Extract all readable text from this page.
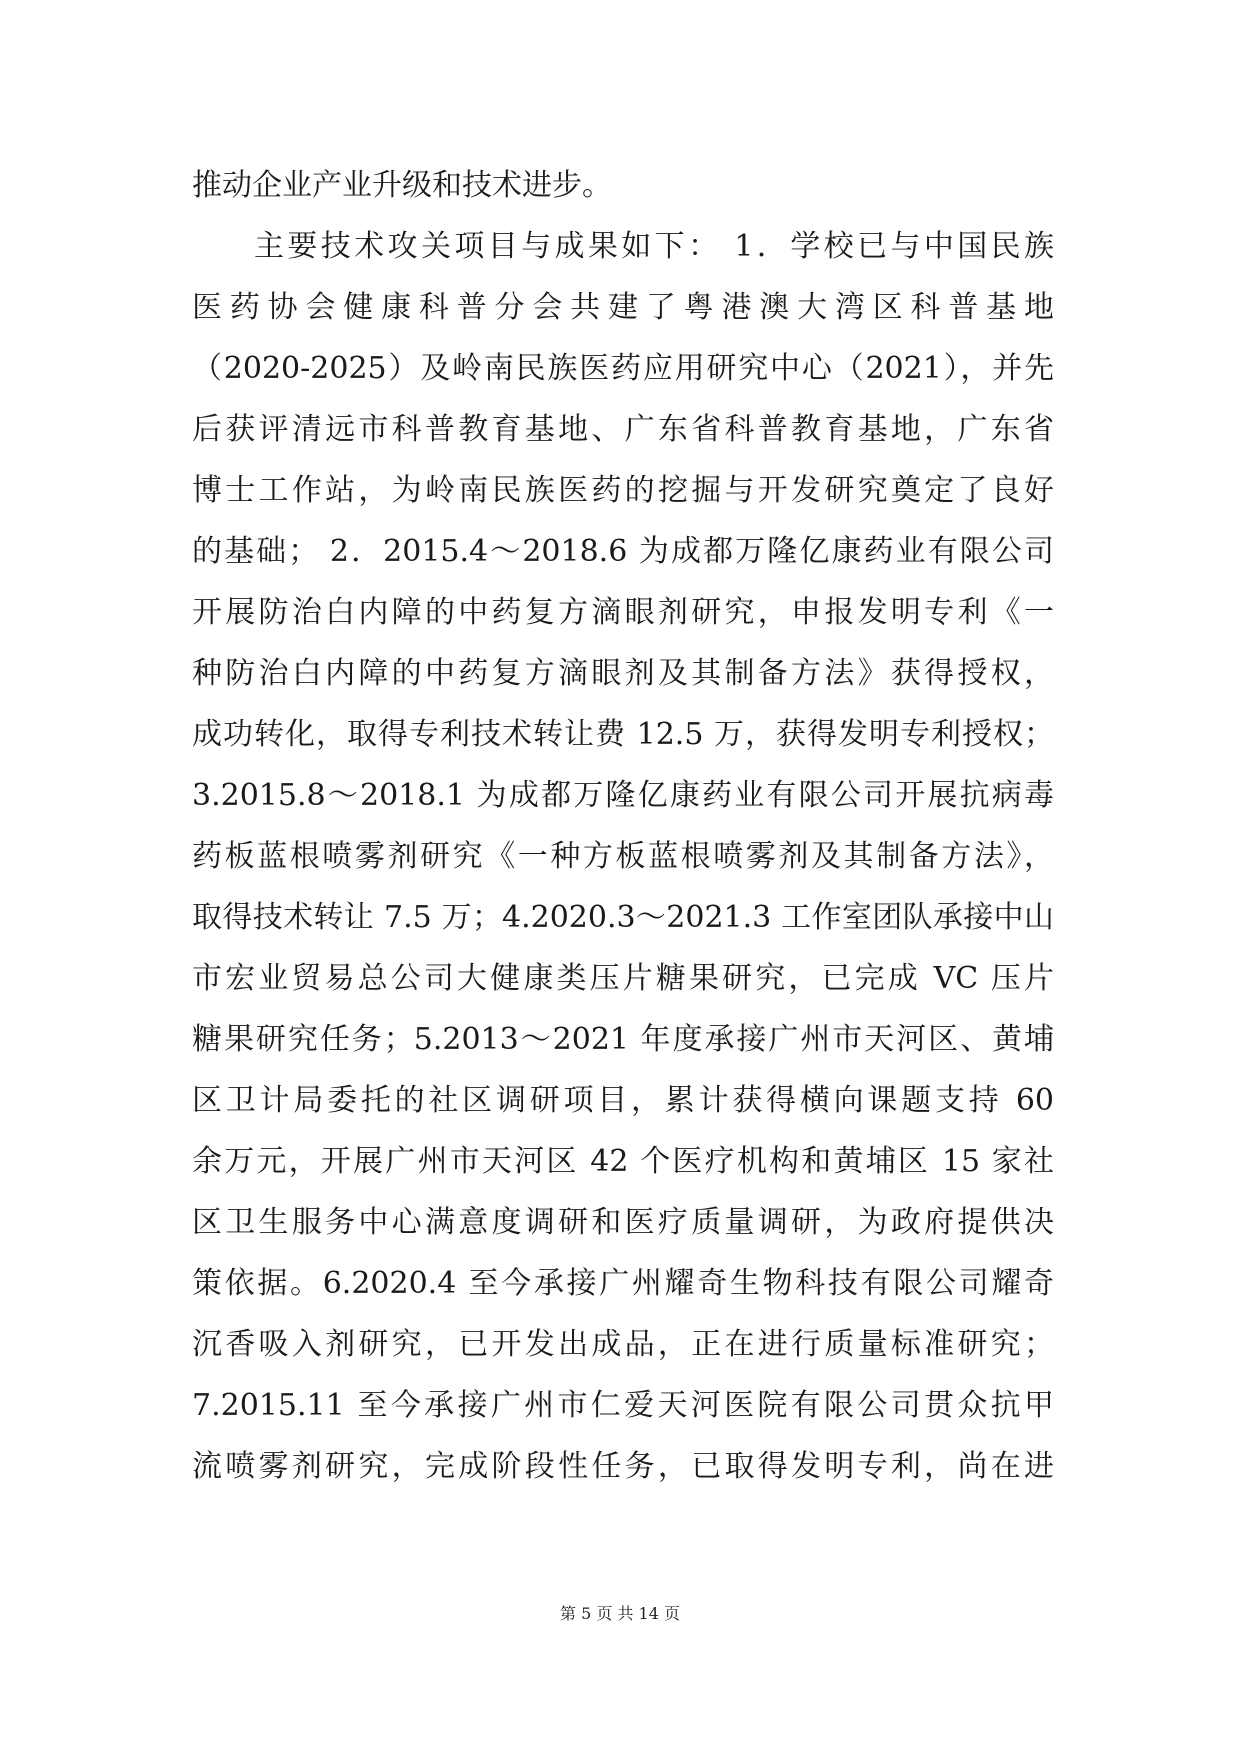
推动企业产业升级和技术进步。
主要技术攻关项目与成果如下： 1．学校已与中国民族
医药协会健康科普分会共建了粤港澳大湾区科普基地
（2020-2025）及岭南民族医药应用研究中心（2021），并先
后获评清远市科普教育基地、广东省科普教育基地，广东省
博士工作站，为岭南民族医药的挖掘与开发研究奠定了良好
的基础； 2．2015.4～2018.6 为成都万隆亿康药业有限公司
开展防治白内障的中药复方滴眼剂研究，申报发明专利《一
种防治白内障的中药复方滴眼剂及其制备方法》获得授权，
成功转化，取得专利技术转让费 12.5 万，获得发明专利授权；
3.2015.8～2018.1 为成都万隆亿康药业有限公司开展抗病毒
药板蓝根喷雾剂研究《一种方板蓝根喷雾剂及其制备方法》，
取得技术转让 7.5 万；4.2020.3～2021.3 工作室团队承接中山
市宏业贸易总公司大健康类压片糖果研究，已完成 VC 压片
糖果研究任务；5.2013～2021 年度承接广州市天河区、黄埔
区卫计局委托的社区调研项目，累计获得横向课题支持 60
余万元，开展广州市天河区 42 个医疗机构和黄埔区 15 家社
区卫生服务中心满意度调研和医疗质量调研，为政府提供决
策依据。6.2020.4 至今承接广州耀奇生物科技有限公司耀奇
沉香吸入剂研究，已开发出成品，正在进行质量标准研究；
7.2015.11 至今承接广州市仁爱天河医院有限公司贯众抗甲
流喷雾剂研究，完成阶段性任务，已取得发明专利，尚在进
第 5 页 共 14 页
